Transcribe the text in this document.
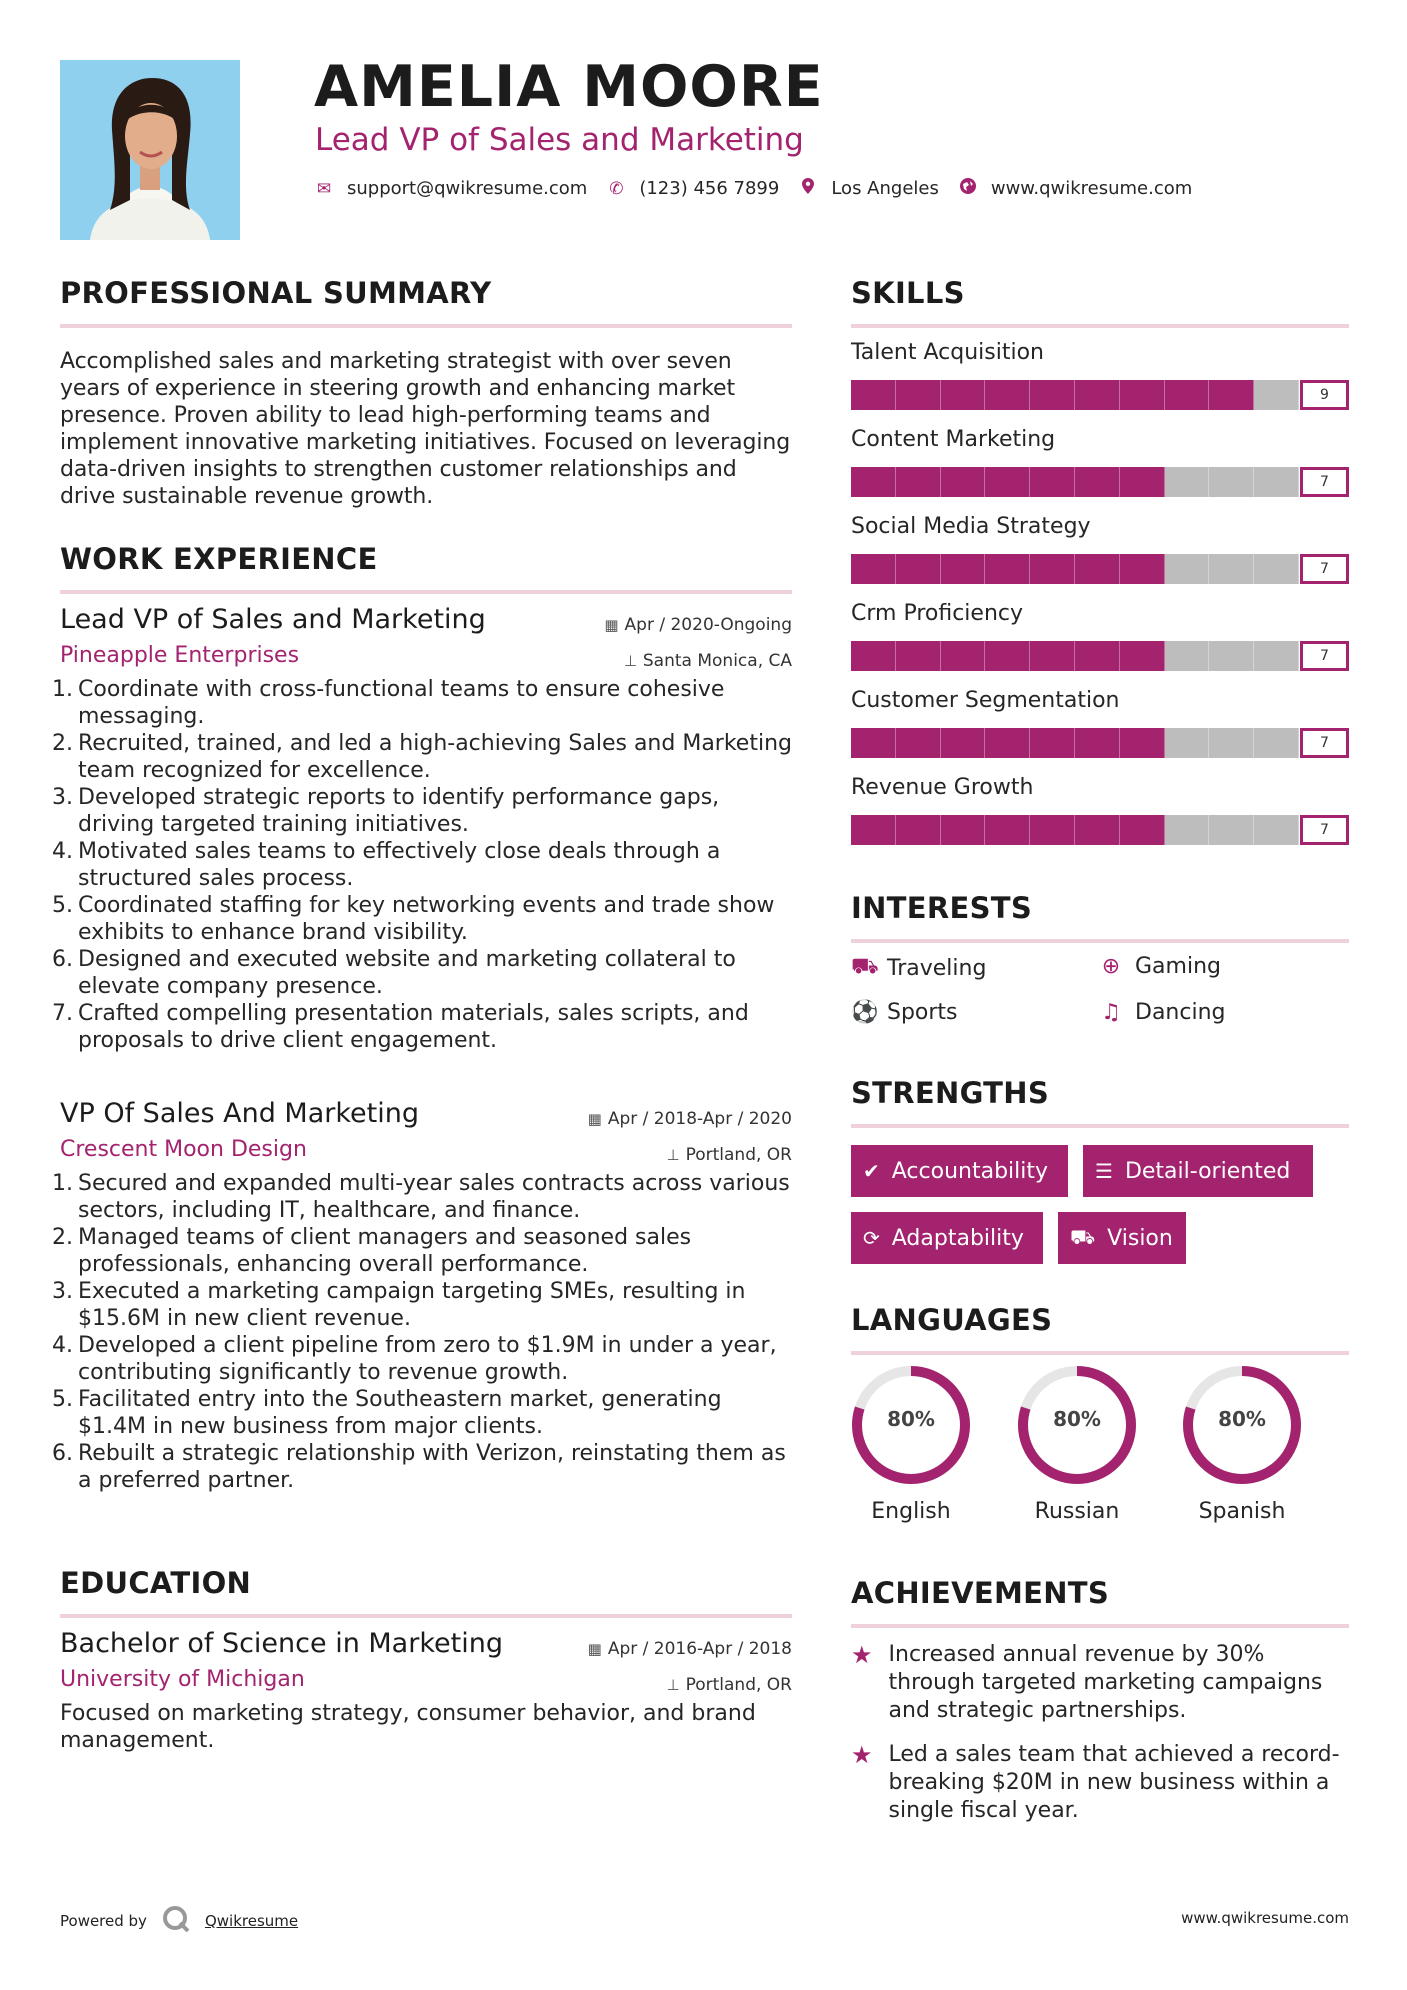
AMELIA MOORE
Lead VP of Sales and Marketing
✉ support@qwikresume.com ✆ (123) 456 7899	Los Angeles	www.qwikresume.com
PROFESSIONAL SUMMARY
Accomplished sales and marketing strategist with over seven years of experience in steering growth and enhancing market presence. Proven ability to lead high-performing teams and implement innovative marketing initiatives. Focused on leveraging data-driven insights to strengthen customer relationships and drive sustainable revenue growth.
WORK EXPERIENCE
Lead VP of Sales and Marketing	▦ Apr / 2020-Ongoing
Pineapple Enterprises	⊥ Santa Monica, CA
1. Coordinate with cross-functional teams to ensure cohesive messaging.
2. Recruited, trained, and led a high-achieving Sales and Marketing team recognized for excellence.
3. Developed strategic reports to identify performance gaps, driving targeted training initiatives.
4. Motivated sales teams to effectively close deals through a structured sales process.
5. Coordinated staffing for key networking events and trade show exhibits to enhance brand visibility.
6. Designed and executed website and marketing collateral to elevate company presence.
7. Crafted compelling presentation materials, sales scripts, and proposals to drive client engagement.
VP Of Sales And Marketing	▦ Apr / 2018-Apr / 2020
Crescent Moon Design	⊥ Portland, OR
1. Secured and expanded multi-year sales contracts across various sectors, including IT, healthcare, and finance.
2. Managed teams of client managers and seasoned sales professionals, enhancing overall performance.
3. Executed a marketing campaign targeting SMEs, resulting in $15.6M in new client revenue.
4. Developed a client pipeline from zero to $1.9M in under a year, contributing significantly to revenue growth.
5. Facilitated entry into the Southeastern market, generating $1.4M in new business from major clients.
6. Rebuilt a strategic relationship with Verizon, reinstating them as a preferred partner.
EDUCATION
Bachelor of Science in Marketing	▦ Apr / 2016-Apr / 2018
University of Michigan	⊥ Portland, OR
Focused on marketing strategy, consumer behavior, and brand management.
SKILLS
Talent Acquisition
9
Content Marketing
7
Social Media Strategy
7
Crm Proficiency
7
Customer Segmentation
7
Revenue Growth
7
INTERESTS
⛟ Traveling	⊕ Gaming
⚽ Sports	♫ Dancing
STRENGTHS
✔ Accountability ☰ Detail-oriented
⟳ Adaptability ⛟ Vision
LANGUAGES
80%
English
80%
Russian
80%
Spanish
ACHIEVEMENTS
★ Increased annual revenue by 30% through targeted marketing campaigns and strategic partnerships.
★ Led a sales team that achieved a record-breaking $20M in new business within a single fiscal year.
Powered by	Qwikresume	www.qwikresume.com
